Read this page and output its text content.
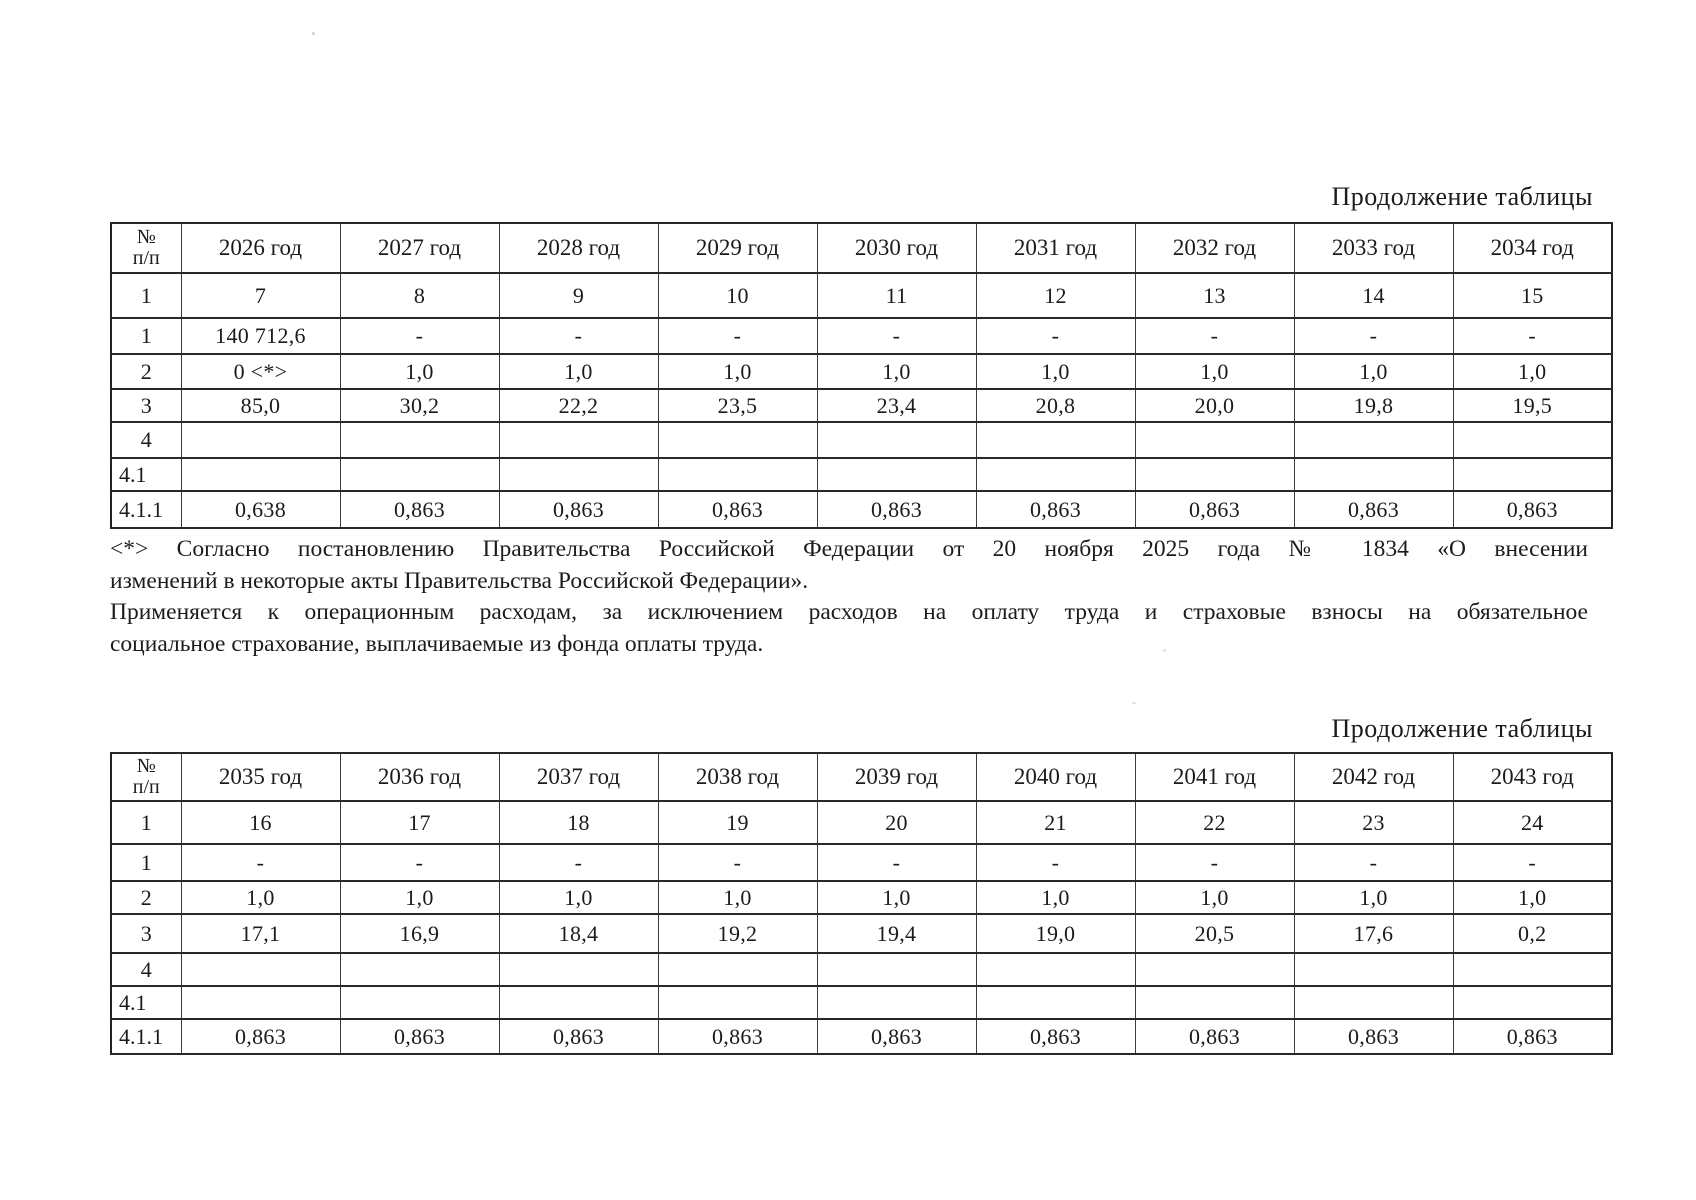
Продолжение таблицы
№
п/п	2026 год	2027 год	2028 год	2029 год	2030 год	2031 год	2032 год	2033 год	2034 год
1	7	8	9	10	11	12	13	14	15
1	140 712,6	-	-	-	-	-	-	-	-
2	0 <*>	1,0	1,0	1,0	1,0	1,0	1,0	1,0	1,0
3	85,0	30,2	22,2	23,5	23,4	20,8	20,0	19,8	19,5
4									
4.1									
4.1.1	0,638	0,863	0,863	0,863	0,863	0,863	0,863	0,863	0,863
<*> Согласно постановлению Правительства Российской Федерации от 20 ноября 2025 года № 1834 «О внесении
изменений в некоторые акты Правительства Российской Федерации».
Применяется к операционным расходам, за исключением расходов на оплату труда и страховые взносы на обязательное
социальное страхование, выплачиваемые из фонда оплаты труда.
Продолжение таблицы
№
п/п	2035 год	2036 год	2037 год	2038 год	2039 год	2040 год	2041 год	2042 год	2043 год
1	16	17	18	19	20	21	22	23	24
1	-	-	-	-	-	-	-	-	-
2	1,0	1,0	1,0	1,0	1,0	1,0	1,0	1,0	1,0
3	17,1	16,9	18,4	19,2	19,4	19,0	20,5	17,6	0,2
4									
4.1									
4.1.1	0,863	0,863	0,863	0,863	0,863	0,863	0,863	0,863	0,863
